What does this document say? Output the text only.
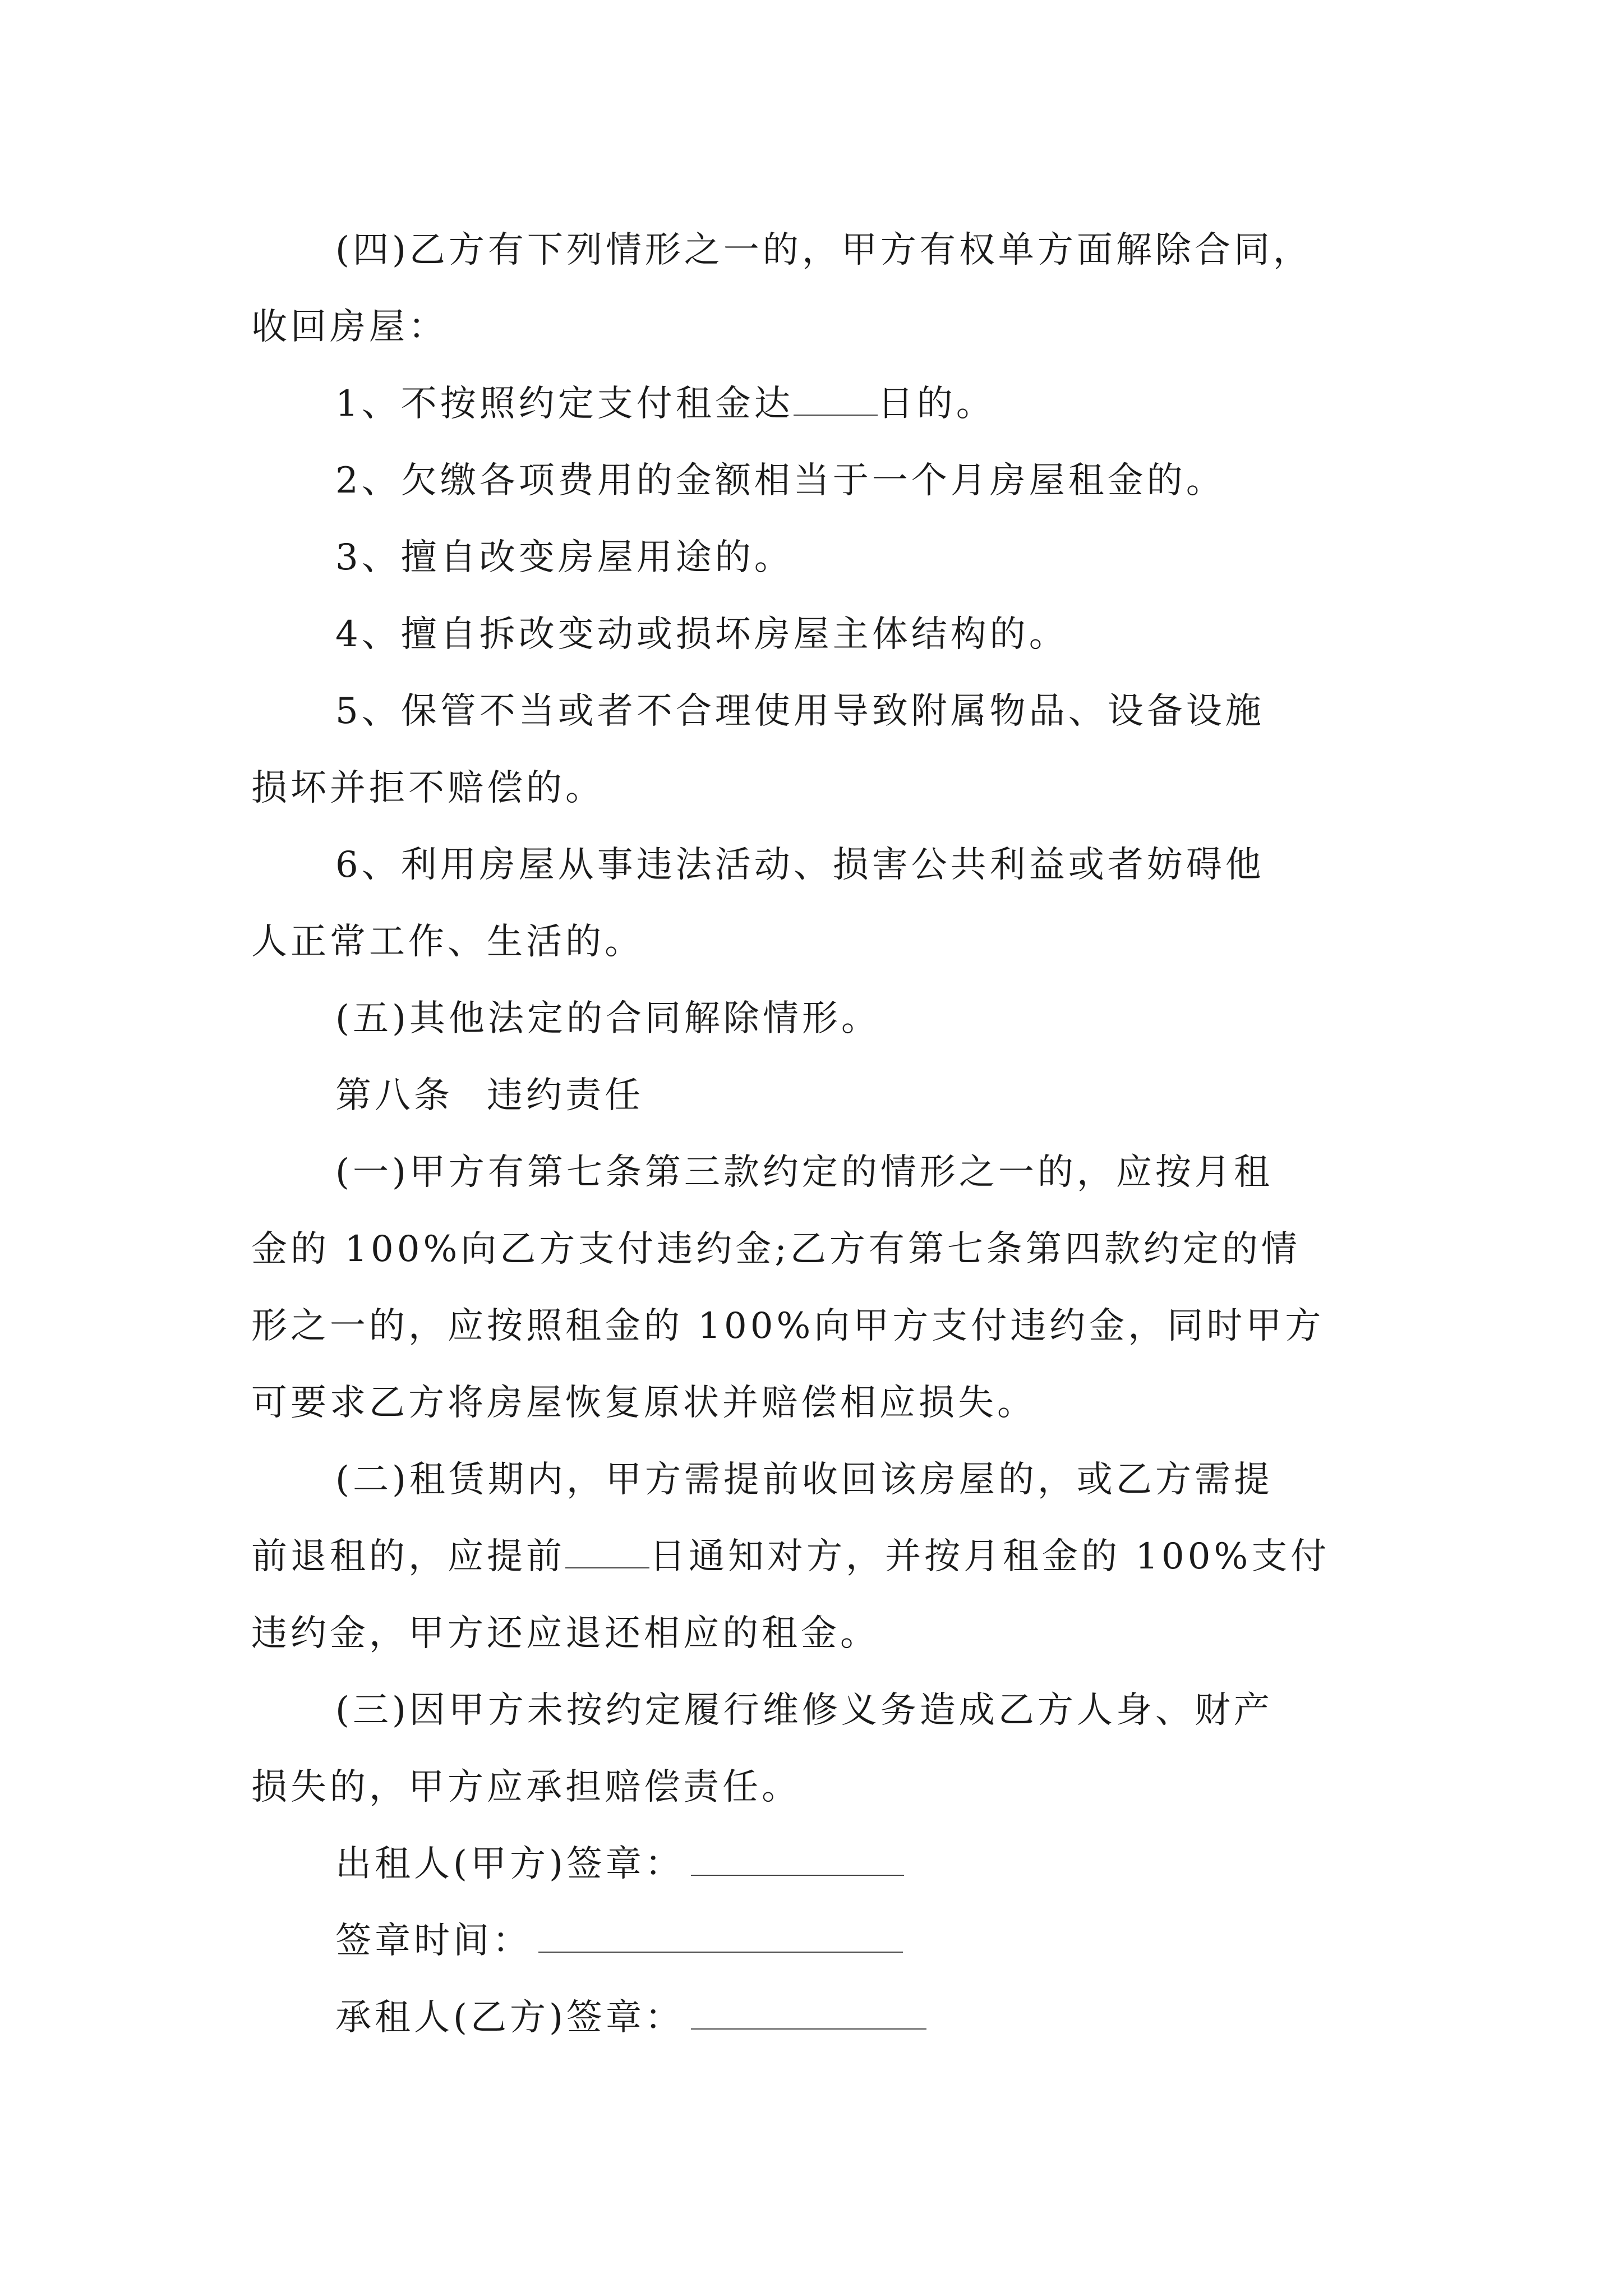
(四)乙方有下列情形之一的，甲方有权单方面解除合同，
收回房屋：
1、不按照约定支付租金达 日的。
2、欠缴各项费用的金额相当于一个月房屋租金的。
3、擅自改变房屋用途的。
4、擅自拆改变动或损坏房屋主体结构的。
5、保管不当或者不合理使用导致附属物品、设备设施
损坏并拒不赔偿的。
6、利用房屋从事违法活动、损害公共利益或者妨碍他
人正常工作、生活的。
(五)其他法定的合同解除情形。
第八条 违约责任
(一)甲方有第七条第三款约定的情形之一的，应按月租
金的 100%向乙方支付违约金;乙方有第七条第四款约定的情
形之一的，应按照租金的 100%向甲方支付违约金，同时甲方
可要求乙方将房屋恢复原状并赔偿相应损失。
(二)租赁期内，甲方需提前收回该房屋的，或乙方需提
前退租的，应提前 日通知对方，并按月租金的 100%支付
违约金，甲方还应退还相应的租金。
(三)因甲方未按约定履行维修义务造成乙方人身、财产
损失的，甲方应承担赔偿责任。
出租人(甲方)签章：
签章时间：
承租人(乙方)签章：
